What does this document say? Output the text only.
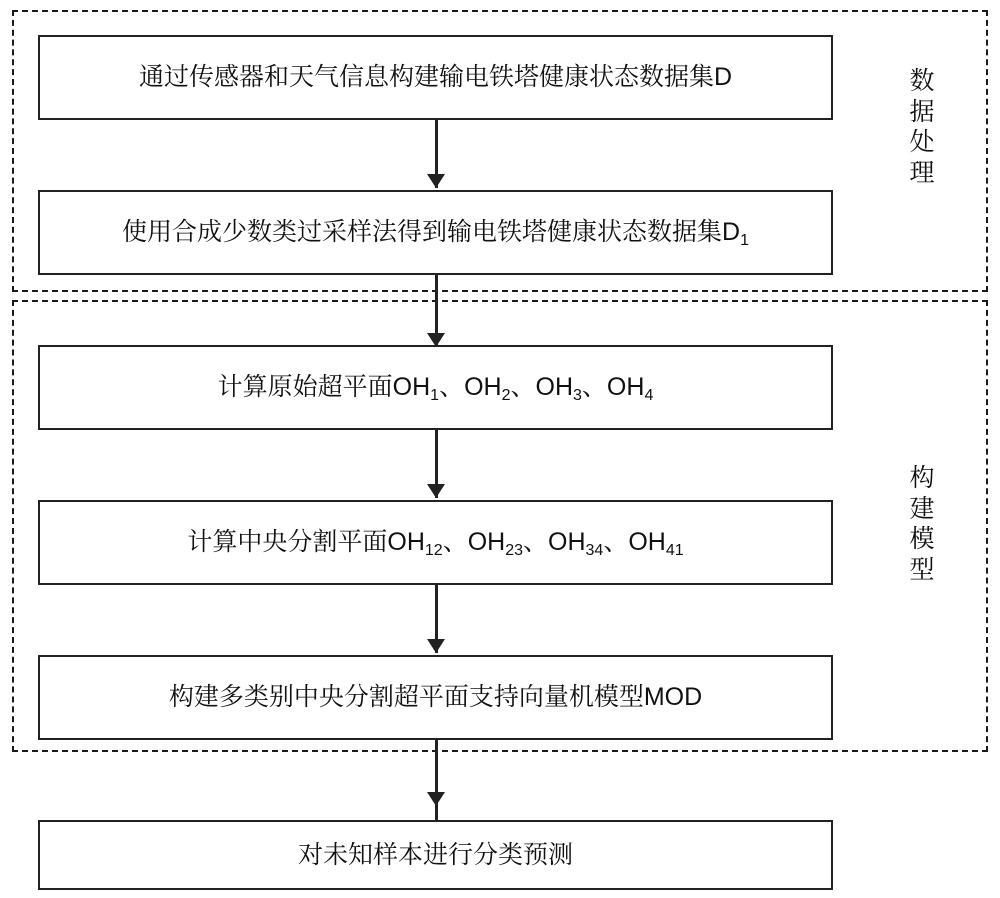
数据处理
构建模型
通过传感器和天气信息构建输电铁塔健康状态数据集D
使用合成少数类过采样法得到输电铁塔健康状态数据集$D_1$
计算原始超平面$OH_1$、$OH_2$、$OH_3$、$OH_4$
计算中央分割平面$OH_{12}$、$OH_{23}$、$OH_{34}$、$OH_{41}$
构建多类别中央分割超平面支持向量机模型MOD
对未知样本进行分类预测
